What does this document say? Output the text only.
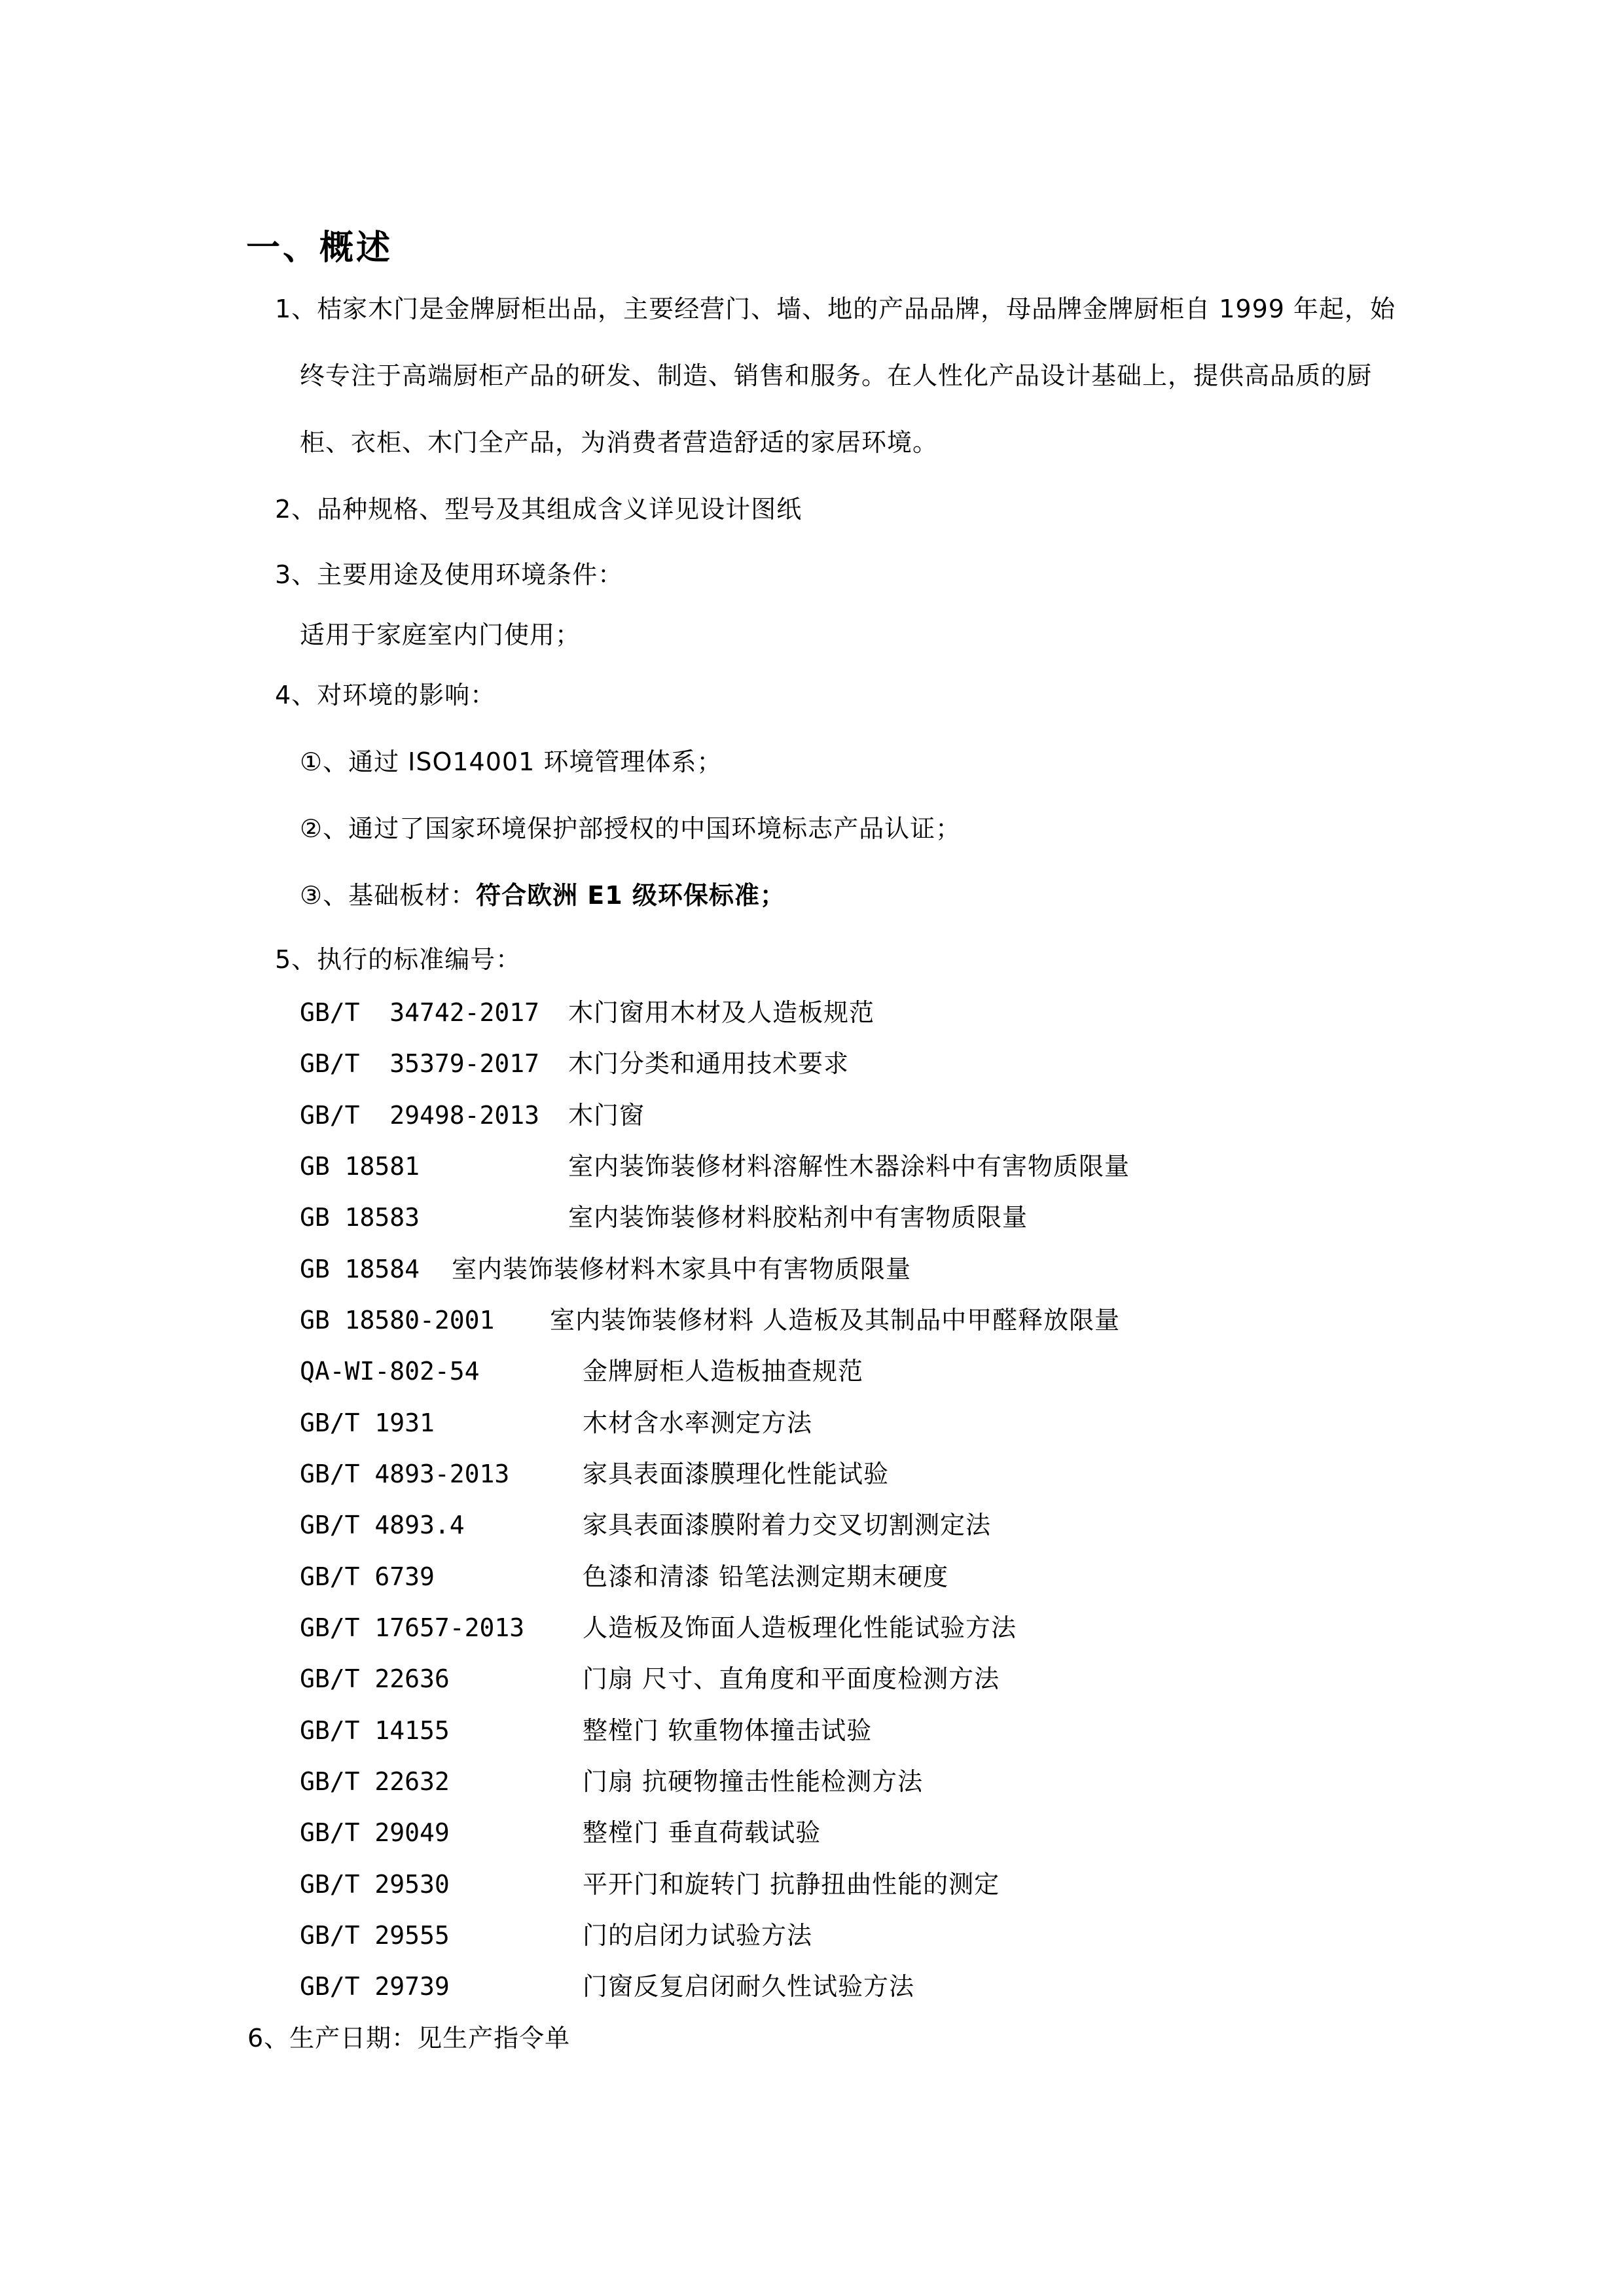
一、概述
1、桔家木门是金牌厨柜出品，主要经营门、墙、地的产品品牌，母品牌金牌厨柜自 1999 年起，始
终专注于高端厨柜产品的研发、制造、销售和服务。在人性化产品设计基础上，提供高品质的厨
柜、衣柜、木门全产品，为消费者营造舒适的家居环境。
2、品种规格、型号及其组成含义详见设计图纸
3、主要用途及使用环境条件：
适用于家庭室内门使用；
4、对环境的影响：
①、通过 ISO14001 环境管理体系；
②、通过了国家环境保护部授权的中国环境标志产品认证；
③、基础板材：符合欧洲 E1 级环保标准；
5、执行的标准编号：
GB/T  34742-2017 木门窗用木材及人造板规范
GB/T  35379-2017 木门分类和通用技术要求
GB/T  29498-2013 木门窗
GB 18581	室内装饰装修材料溶解性木器涂料中有害物质限量
GB 18583	室内装饰装修材料胶粘剂中有害物质限量
GB 18584 室内装饰装修材料木家具中有害物质限量
GB 18580-2001 室内装饰装修材料 人造板及其制品中甲醛释放限量
QA-WI-802-54	金牌厨柜人造板抽查规范
GB/T 1931	木材含水率测定方法
GB/T 4893-2013	家具表面漆膜理化性能试验
GB/T 4893.4	家具表面漆膜附着力交叉切割测定法
GB/T 6739	色漆和清漆 铅笔法测定期末硬度
GB/T 17657-2013 人造板及饰面人造板理化性能试验方法
GB/T 22636	门扇 尺寸、直角度和平面度检测方法
GB/T 14155	整樘门 软重物体撞击试验
GB/T 22632	门扇 抗硬物撞击性能检测方法
GB/T 29049	整樘门 垂直荷载试验
GB/T 29530	平开门和旋转门 抗静扭曲性能的测定
GB/T 29555	门的启闭力试验方法
GB/T 29739	门窗反复启闭耐久性试验方法
6、生产日期：见生产指令单
